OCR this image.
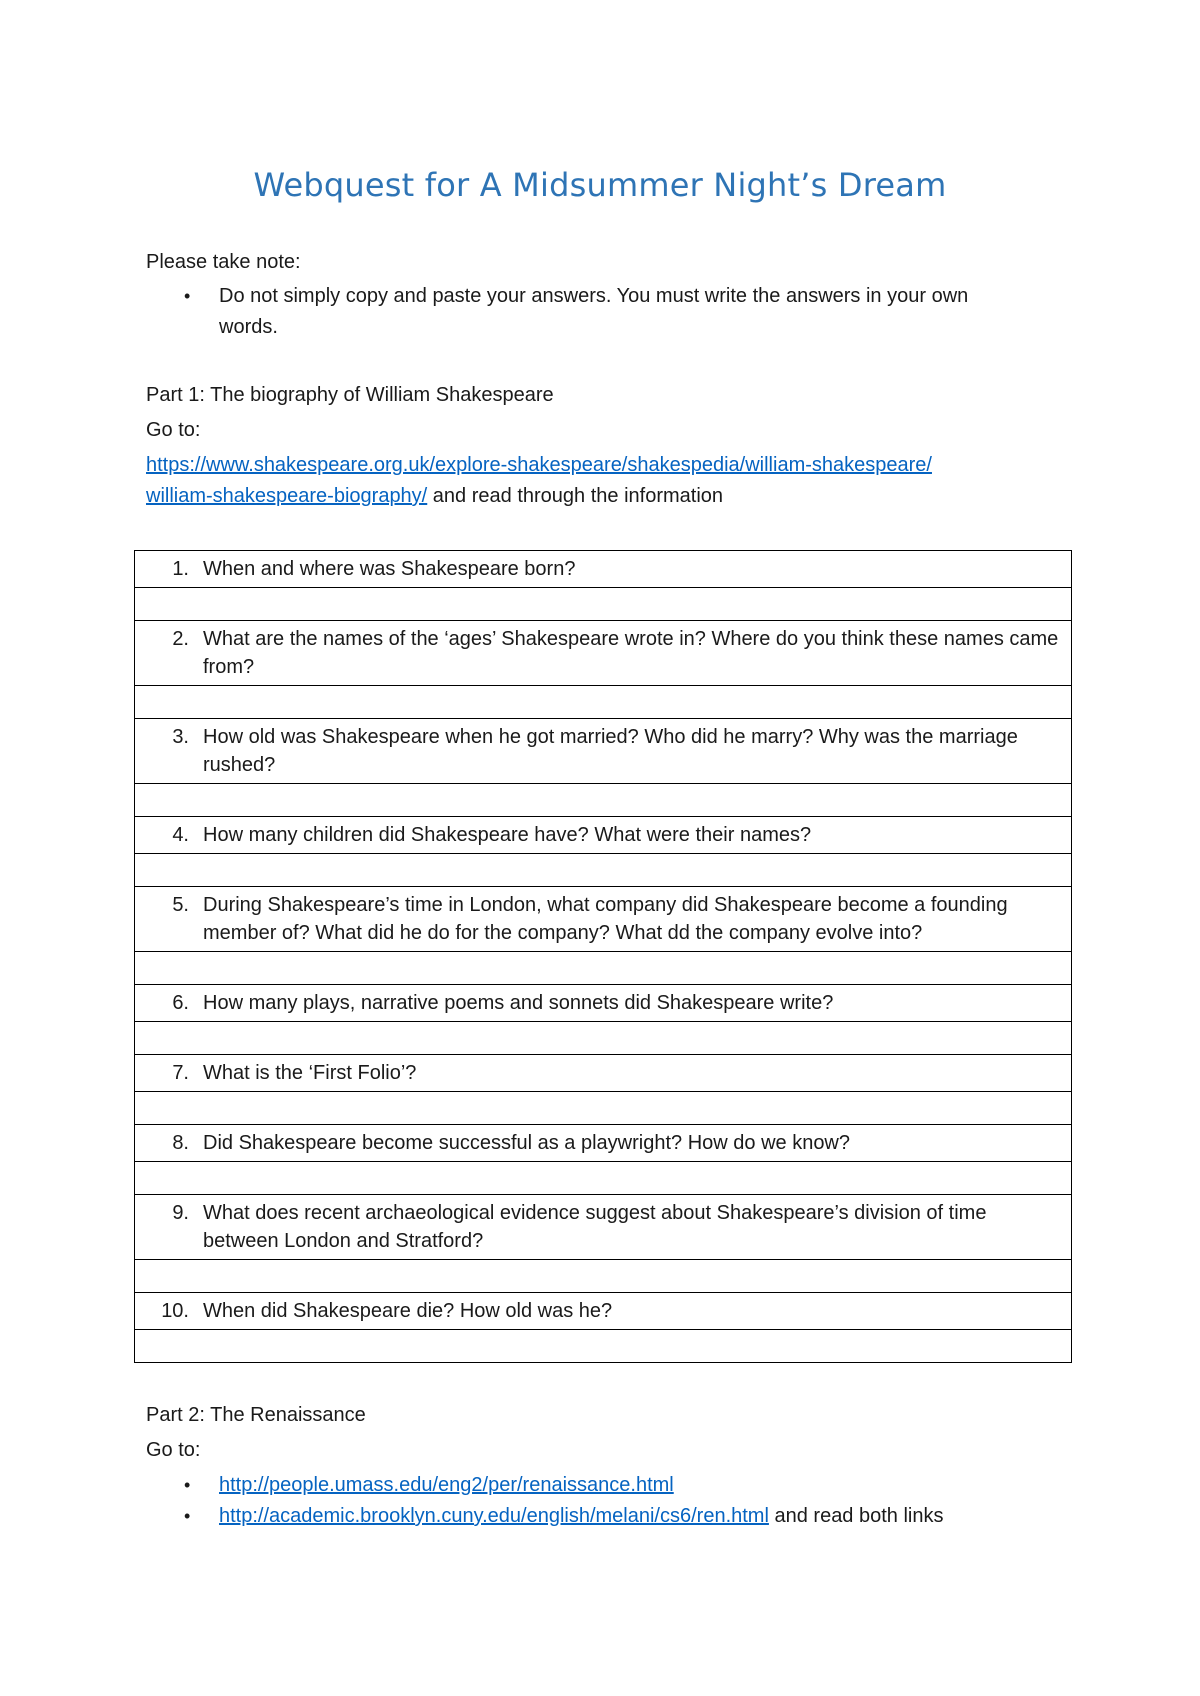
Webquest for A Midsummer Night’s Dream
Please take note:
• Do not simply copy and paste your answers. You must write the answers in your own
words.
Part 1: The biography of William Shakespeare
Go to:
https://www.shakespeare.org.uk/explore-shakespeare/shakespedia/william-shakespeare/
william-shakespeare-biography/ and read through the information
1. When and where was Shakespeare born?

2. What are the names of the ‘ages’ Shakespeare wrote in? Where do you think these names came from?

3. How old was Shakespeare when he got married? Who did he marry? Why was the marriage rushed?

4. How many children did Shakespeare have? What were their names?

5. During Shakespeare’s time in London, what company did Shakespeare become a founding member of? What did he do for the company? What dd the company evolve into?

6. How many plays, narrative poems and sonnets did Shakespeare write?

7. What is the ‘First Folio’?

8. Did Shakespeare become successful as a playwright? How do we know?

9. What does recent archaeological evidence suggest about Shakespeare’s division of time between London and Stratford?

10. When did Shakespeare die? How old was he?

Part 2: The Renaissance
Go to:
• http://people.umass.edu/eng2/per/renaissance.html
• http://academic.brooklyn.cuny.edu/english/melani/cs6/ren.html and read both links
